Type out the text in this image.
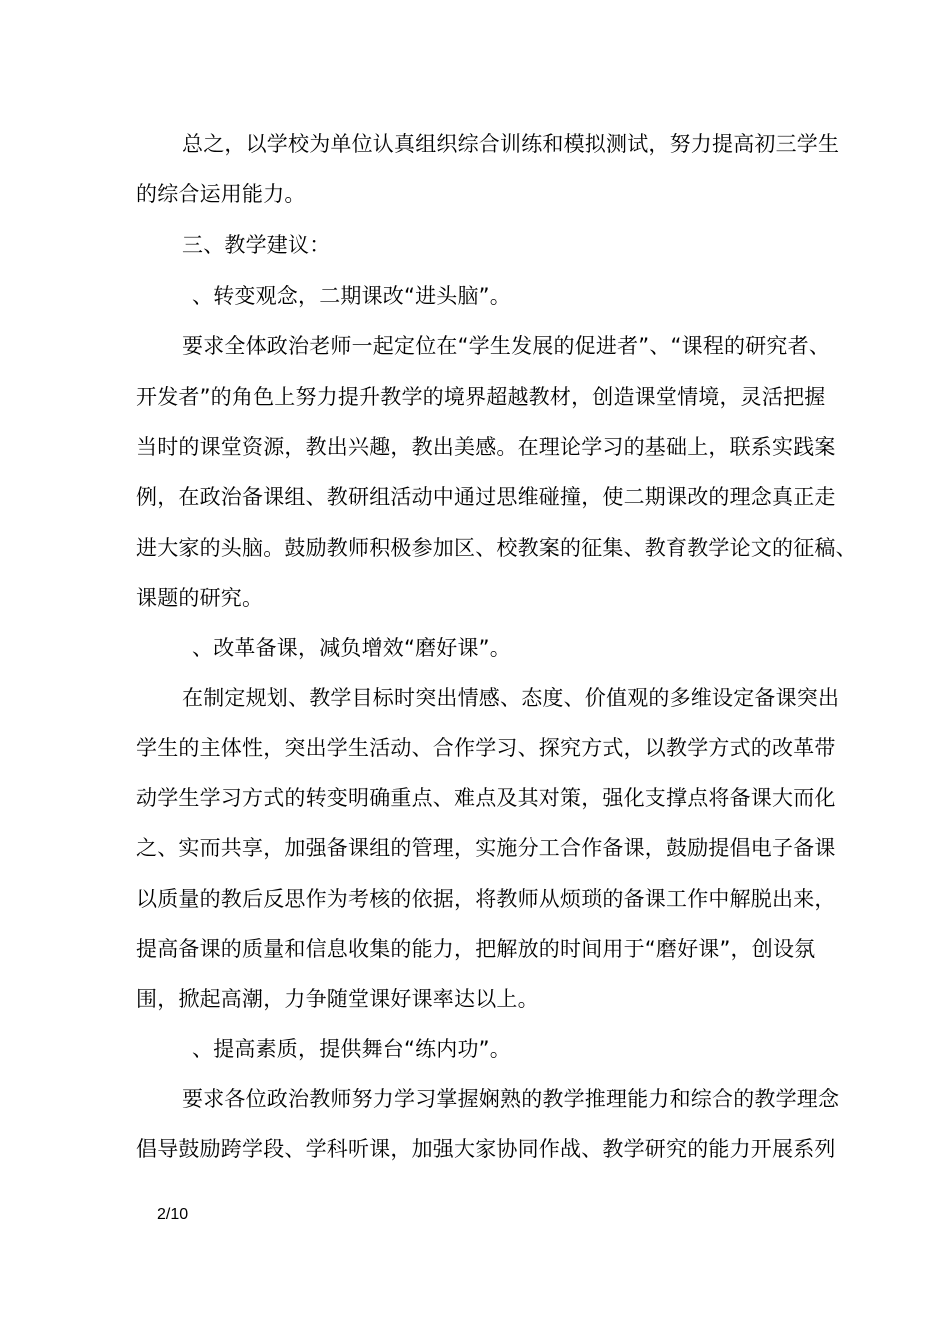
总之，以学校为单位认真组织综合训练和模拟测试，努力提高初三学生
的综合运用能力。
三、教学建议：
、转变观念，二期课改“进头脑”。
要求全体政治老师一起定位在“学生发展的促进者”、“课程的研究者、
开发者”的角色上努力提升教学的境界超越教材，创造课堂情境，灵活把握
当时的课堂资源，教出兴趣，教出美感。在理论学习的基础上，联系实践案
例，在政治备课组、教研组活动中通过思维碰撞，使二期课改的理念真正走
进大家的头脑。鼓励教师积极参加区、校教案的征集、教育教学论文的征稿、
课题的研究。
、改革备课，减负增效“磨好课”。
在制定规划、教学目标时突出情感、态度、价值观的多维设定备课突出
学生的主体性，突出学生活动、合作学习、探究方式，以教学方式的改革带
动学生学习方式的转变明确重点、难点及其对策，强化支撑点将备课大而化
之、实而共享，加强备课组的管理，实施分工合作备课，鼓励提倡电子备课
以质量的教后反思作为考核的依据，将教师从烦琐的备课工作中解脱出来，
提高备课的质量和信息收集的能力，把解放的时间用于“磨好课”，创设氛
围，掀起高潮，力争随堂课好课率达以上。
、提高素质，提供舞台“练内功”。
要求各位政治教师努力学习掌握娴熟的教学推理能力和综合的教学理念
倡导鼓励跨学段、学科听课，加强大家协同作战、教学研究的能力开展系列
2/10
